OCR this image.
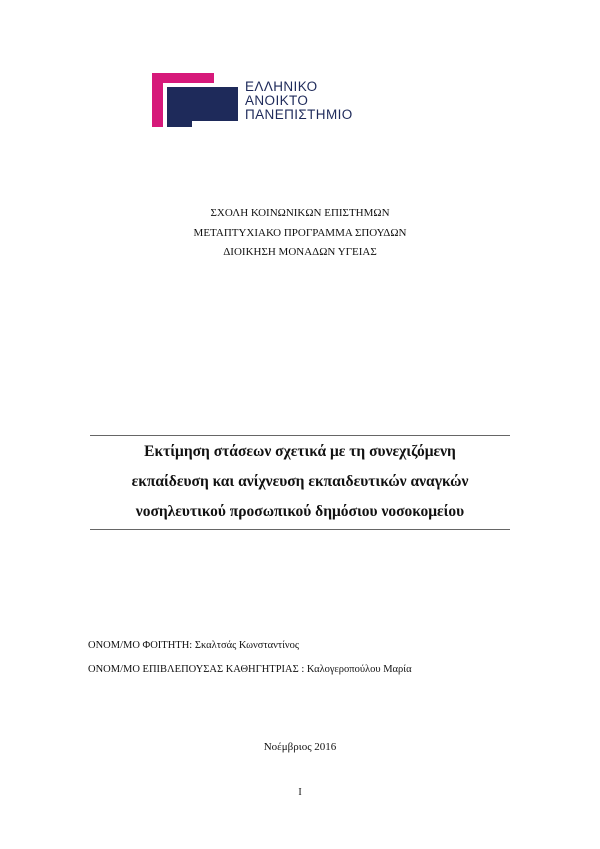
ΕΛΛΗΝΙΚΟ
ΑΝΟΙΚΤΟ
ΠΑΝΕΠΙΣΤΗΜΙΟ
ΣΧΟΛΗ ΚΟΙΝΩΝΙΚΩΝ ΕΠΙΣΤΗΜΩΝ
ΜΕΤΑΠΤΥΧΙΑΚΟ ΠΡΟΓΡΑΜΜΑ ΣΠΟΥΔΩΝ
ΔΙΟΙΚΗΣΗ ΜΟΝΑΔΩΝ ΥΓΕΙΑΣ
Εκτίμηση στάσεων σχετικά με τη συνεχιζόμενη
εκπαίδευση και ανίχνευση εκπαιδευτικών αναγκών
νοσηλευτικού προσωπικού δημόσιου νοσοκομείου
ΟΝΟΜ/ΜΟ ΦΟΙΤΗΤΗ: Σκαλτσάς Κωνσταντίνος
ΟΝΟΜ/ΜΟ ΕΠΙΒΛΕΠΟΥΣΑΣ ΚΑΘΗΓΗΤΡΙΑΣ : Καλογεροπούλου Μαρία
Νοέμβριος 2016
I
